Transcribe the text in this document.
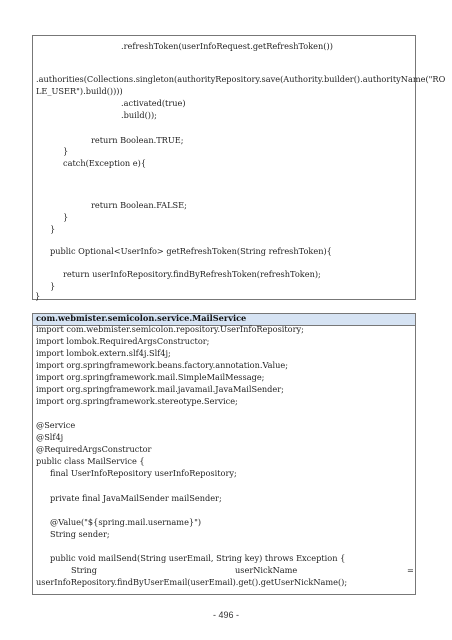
.refreshToken(userInfoRequest.getRefreshToken())
.authorities(Collections.singleton(authorityRepository.save(Authority.builder().authorityName("RO
LE_USER").build())))
.activated(true)
.build());
return Boolean.TRUE;
}
catch(Exception e){
return Boolean.FALSE;
}
}
public Optional<UserInfo> getRefreshToken(String refreshToken){
return userInfoRepository.findByRefreshToken(refreshToken);
}
}
com.webmister.semicolon.service.MailService
import com.webmister.semicolon.repository.UserInfoRepository;
import lombok.RequiredArgsConstructor;
import lombok.extern.slf4j.Slf4j;
import org.springframework.beans.factory.annotation.Value;
import org.springframework.mail.SimpleMailMessage;
import org.springframework.mail.javamail.JavaMailSender;
import org.springframework.stereotype.Service;
@Service
@Slf4j
@RequiredArgsConstructor
public class MailService {
final UserInfoRepository userInfoRepository;
private final JavaMailSender mailSender;
@Value("${spring.mail.username}")
String sender;
public void mailSend(String userEmail, String key) throws Exception {
String	userNickName	=
userInfoRepository.findByUserEmail(userEmail).get().getUserNickName();
- 496 -
